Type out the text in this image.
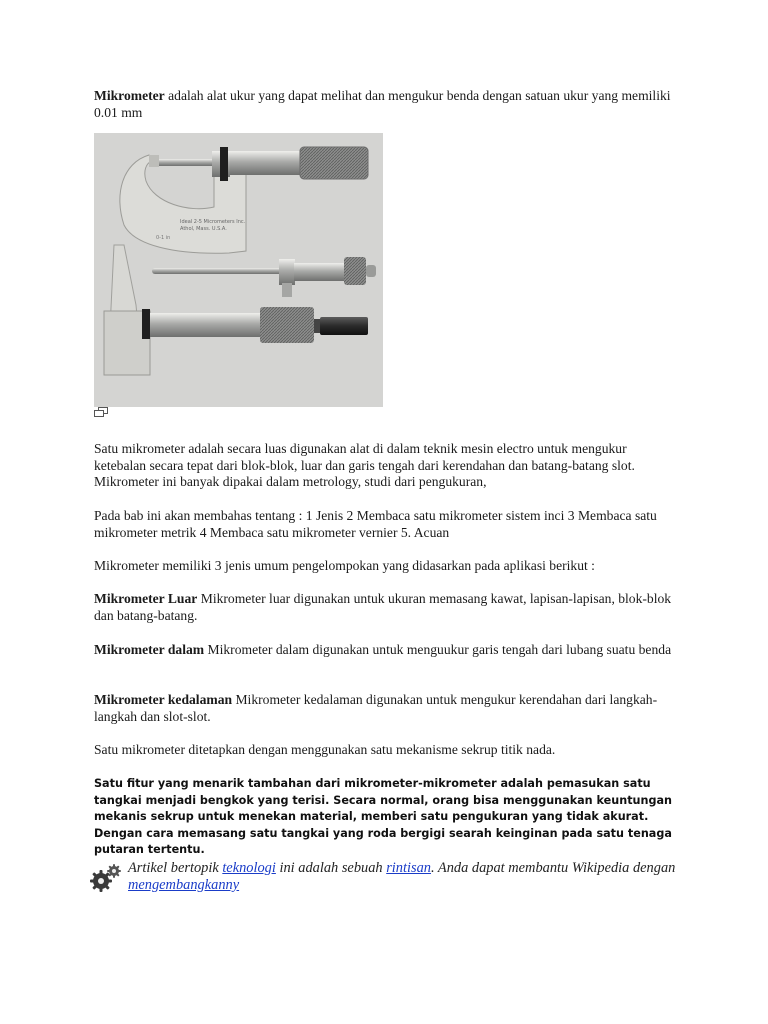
Mikrometer adalah alat ukur yang dapat melihat dan mengukur benda dengan satuan ukur yang memiliki 0.01 mm

Ideal 2-5 Micrometers Inc.
Athol, Mass. U.S.A.
0-1 in

Satu mikrometer adalah secara luas digunakan alat di dalam teknik mesin electro untuk mengukur ketebalan secara tepat dari blok-blok, luar dan garis tengah dari kerendahan dan batang-batang slot. Mikrometer ini banyak dipakai dalam metrology, studi dari pengukuran,

Pada bab ini akan membahas tentang : 1 Jenis 2 Membaca satu mikrometer sistem inci 3 Membaca satu mikrometer metrik 4 Membaca satu mikrometer vernier 5. Acuan

Mikrometer memiliki 3 jenis umum pengelompokan yang didasarkan pada aplikasi berikut :

Mikrometer Luar Mikrometer luar digunakan untuk ukuran memasang kawat, lapisan-lapisan, blok-blok dan batang-batang.

Mikrometer dalam Mikrometer dalam digunakan untuk menguukur garis tengah dari lubang suatu benda

Mikrometer kedalaman Mikrometer kedalaman digunakan untuk mengukur kerendahan dari langkah-langkah dan slot-slot.

Satu mikrometer ditetapkan dengan menggunakan satu mekanisme sekrup titik nada.

Satu fitur yang menarik tambahan dari mikrometer-mikrometer adalah pemasukan satu tangkai menjadi bengkok yang terisi. Secara normal, orang bisa menggunakan keuntungan mekanis sekrup untuk menekan material, memberi satu pengukuran yang tidak akurat. Dengan cara memasang satu tangkai yang roda bergigi searah keinginan pada satu tenaga putaran tertentu.

Artikel bertopik teknologi ini adalah sebuah rintisan. Anda dapat membantu Wikipedia dengan mengembangkanny
